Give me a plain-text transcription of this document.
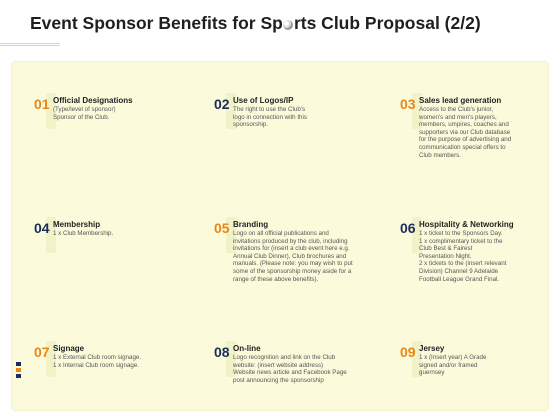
Event Sponsor Benefits for Sp rts Club Proposal (2/2)
01 Official Designations
(Type/level of sponsor)
Sponsor of the Club.
02 Use of Logos/IP
The right to use the Club's
logo in connection with this
sponsorship.
03 Sales lead generation
Access to the Club's junior,
women's and men's players,
members, umpires, coaches and
supporters via our Club database
for the purpose of advertising and
communication special offers to
Club members.
04 Membership
1 x Club Membership.	05 Branding
Logo on all official publications and
invitations produced by the club, including
invitations for (insert a club event here e.g.
Annual Club Dinner), Club brochures and
manuals. (Please note: you may wish to put
some of the sponsorship money aside for a
range of these above benefits).
06 Hospitality & Networking
1 x ticket to the Sponsors Day.
1 x complimentary ticket to the
Club Best & Fairest
Presentation Night.
2 x tickets to the (insert relevant
Division) Channel 9 Adelaide
Football League Grand Final.
07 Signage
1 x External Club room signage.
1 x Internal Club room signage.
08 On-line
Logo recognition and link on the Club
website: (insert website address)
Website news article and Facebook Page
post announcing the sponsorship
09 Jersey
1 x (Insert year) A Grade
signed and/or framed
guernsey
